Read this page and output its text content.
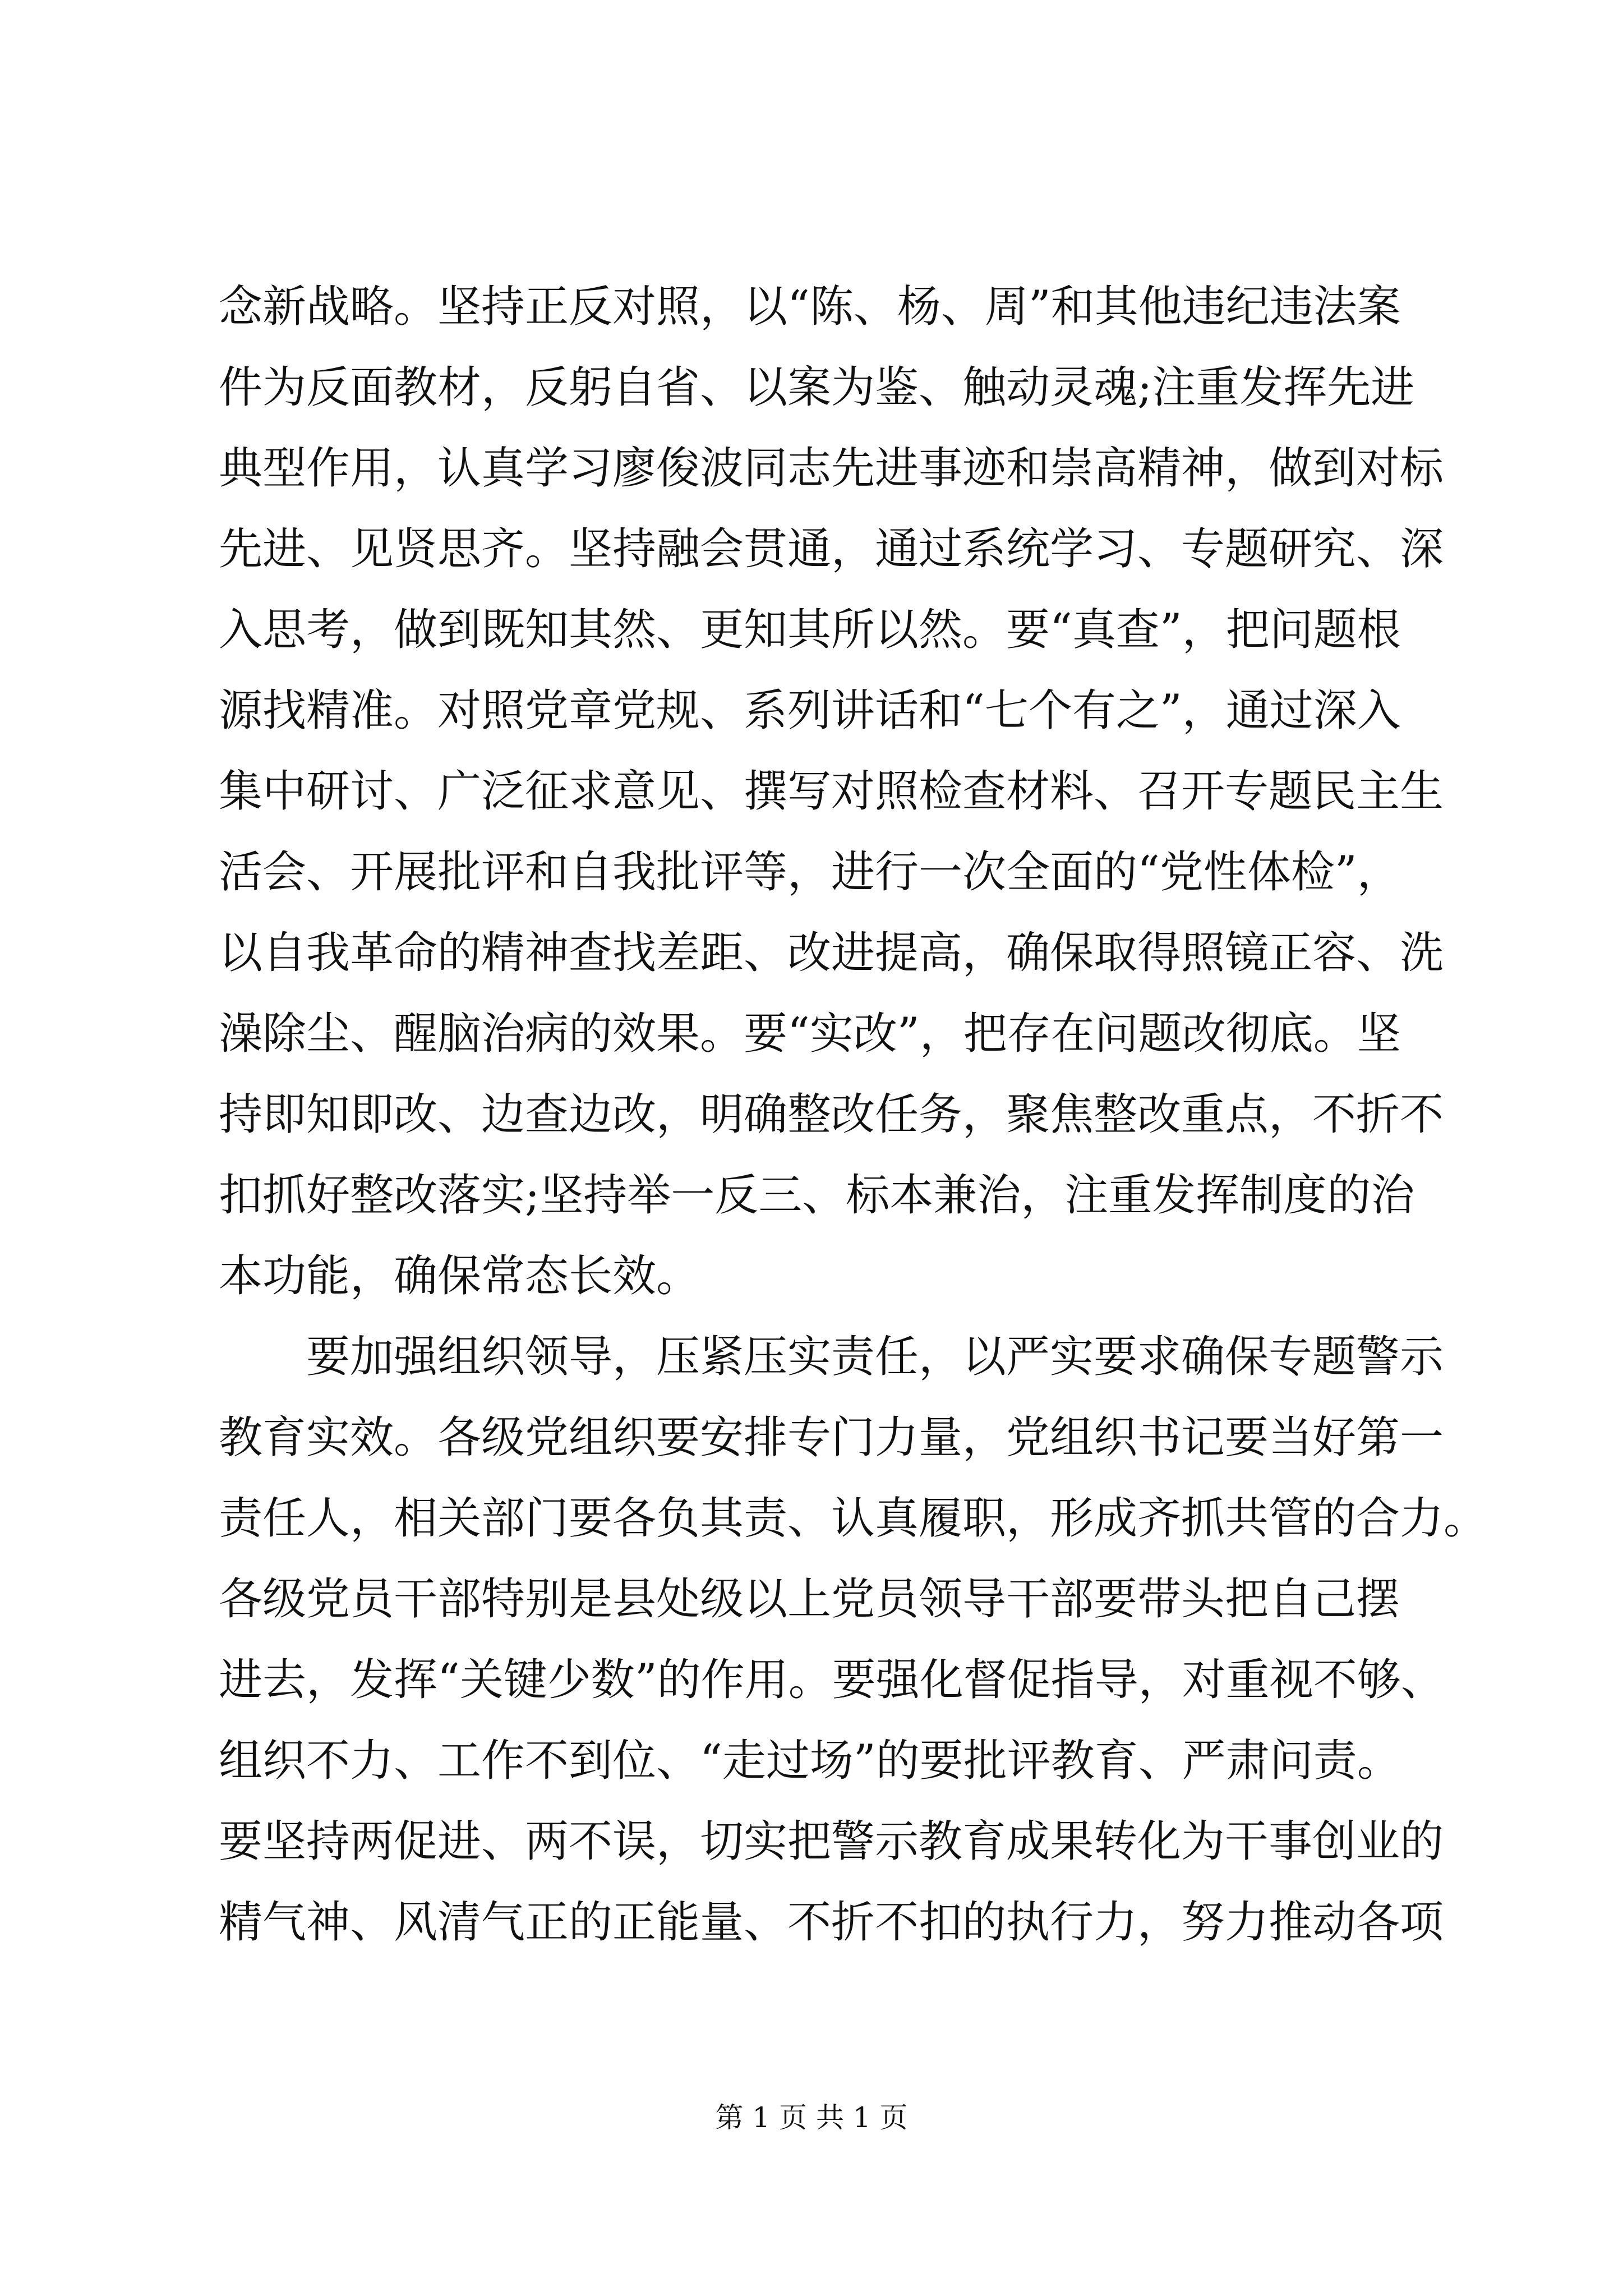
念新战略。坚持正反对照，以“陈、杨、周”和其他违纪违法案
件为反面教材，反躬自省、以案为鉴、触动灵魂;注重发挥先进
典型作用，认真学习廖俊波同志先进事迹和崇高精神，做到对标
先进、见贤思齐。坚持融会贯通，通过系统学习、专题研究、深
入思考，做到既知其然、更知其所以然。要“真查”，把问题根
源找精准。对照党章党规、系列讲话和“七个有之”，通过深入
集中研讨、广泛征求意见、撰写对照检查材料、召开专题民主生
活会、开展批评和自我批评等，进行一次全面的“党性体检”，
以自我革命的精神查找差距、改进提高，确保取得照镜正容、洗
澡除尘、醒脑治病的效果。要“实改”，把存在问题改彻底。坚
持即知即改、边查边改，明确整改任务，聚焦整改重点，不折不
扣抓好整改落实;坚持举一反三、标本兼治，注重发挥制度的治
本功能，确保常态长效。
要加强组织领导，压紧压实责任，以严实要求确保专题警示
教育实效。各级党组织要安排专门力量，党组织书记要当好第一
责任人，相关部门要各负其责、认真履职，形成齐抓共管的合力。
各级党员干部特别是县处级以上党员领导干部要带头把自己摆
进去，发挥“关键少数”的作用。要强化督促指导，对重视不够、
组织不力、工作不到位、“走过场”的要批评教育、严肃问责。
要坚持两促进、两不误，切实把警示教育成果转化为干事创业的
精气神、风清气正的正能量、不折不扣的执行力，努力推动各项
第 1 页 共 1 页
